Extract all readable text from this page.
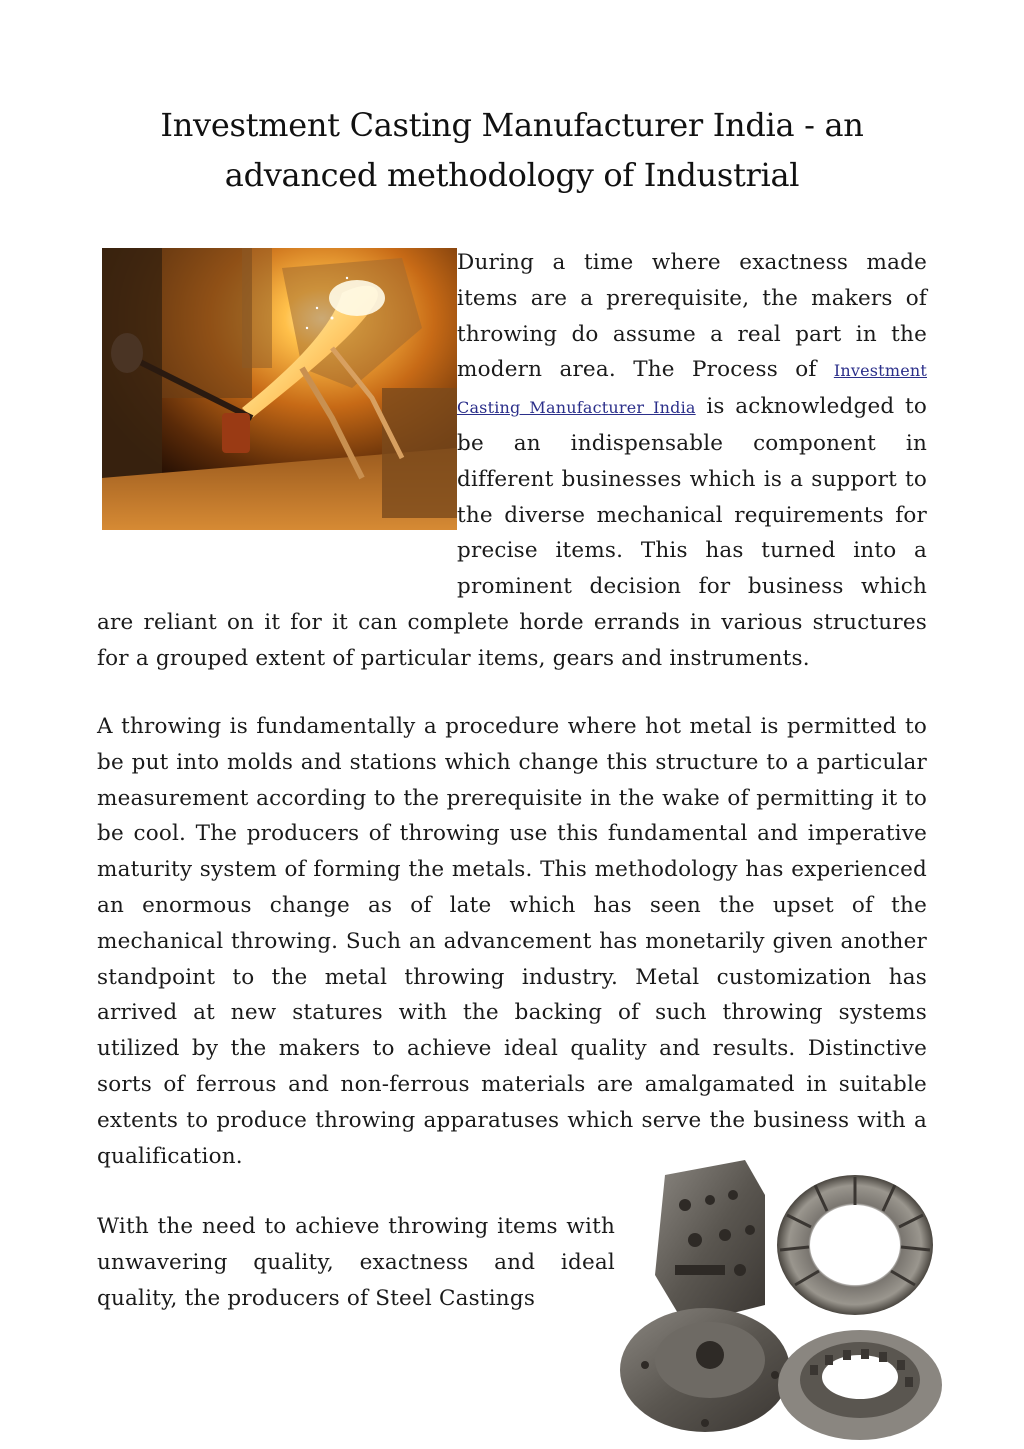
Investment Casting Manufacturer India - an advanced methodology of Industrial
During a time where exactness made items are a prerequisite, the makers of throwing do assume a real part in the modern area. The Process of Investment Casting Manufacturer India is acknowledged to be an indispensable component in different businesses which is a support to the diverse mechanical requirements for precise items. This has turned into a prominent decision for business which are reliant on it for it can complete horde errands in various structures for a grouped extent of particular items, gears and instruments.
A throwing is fundamentally a procedure where hot metal is permitted to be put into molds and stations which change this structure to a particular measurement according to the prerequisite in the wake of permitting it to be cool. The producers of throwing use this fundamental and imperative maturity system of forming the metals. This methodology has experienced an enormous change as of late which has seen the upset of the mechanical throwing. Such an advancement has monetarily given another standpoint to the metal throwing industry. Metal customization has arrived at new statures with the backing of such throwing systems utilized by the makers to achieve ideal quality and results. Distinctive sorts of ferrous and non-ferrous materials are amalgamated in suitable extents to produce throwing apparatuses which serve the business with a qualification.
With the need to achieve throwing items with unwavering quality, exactness and ideal quality, the producers of Steel Castings
